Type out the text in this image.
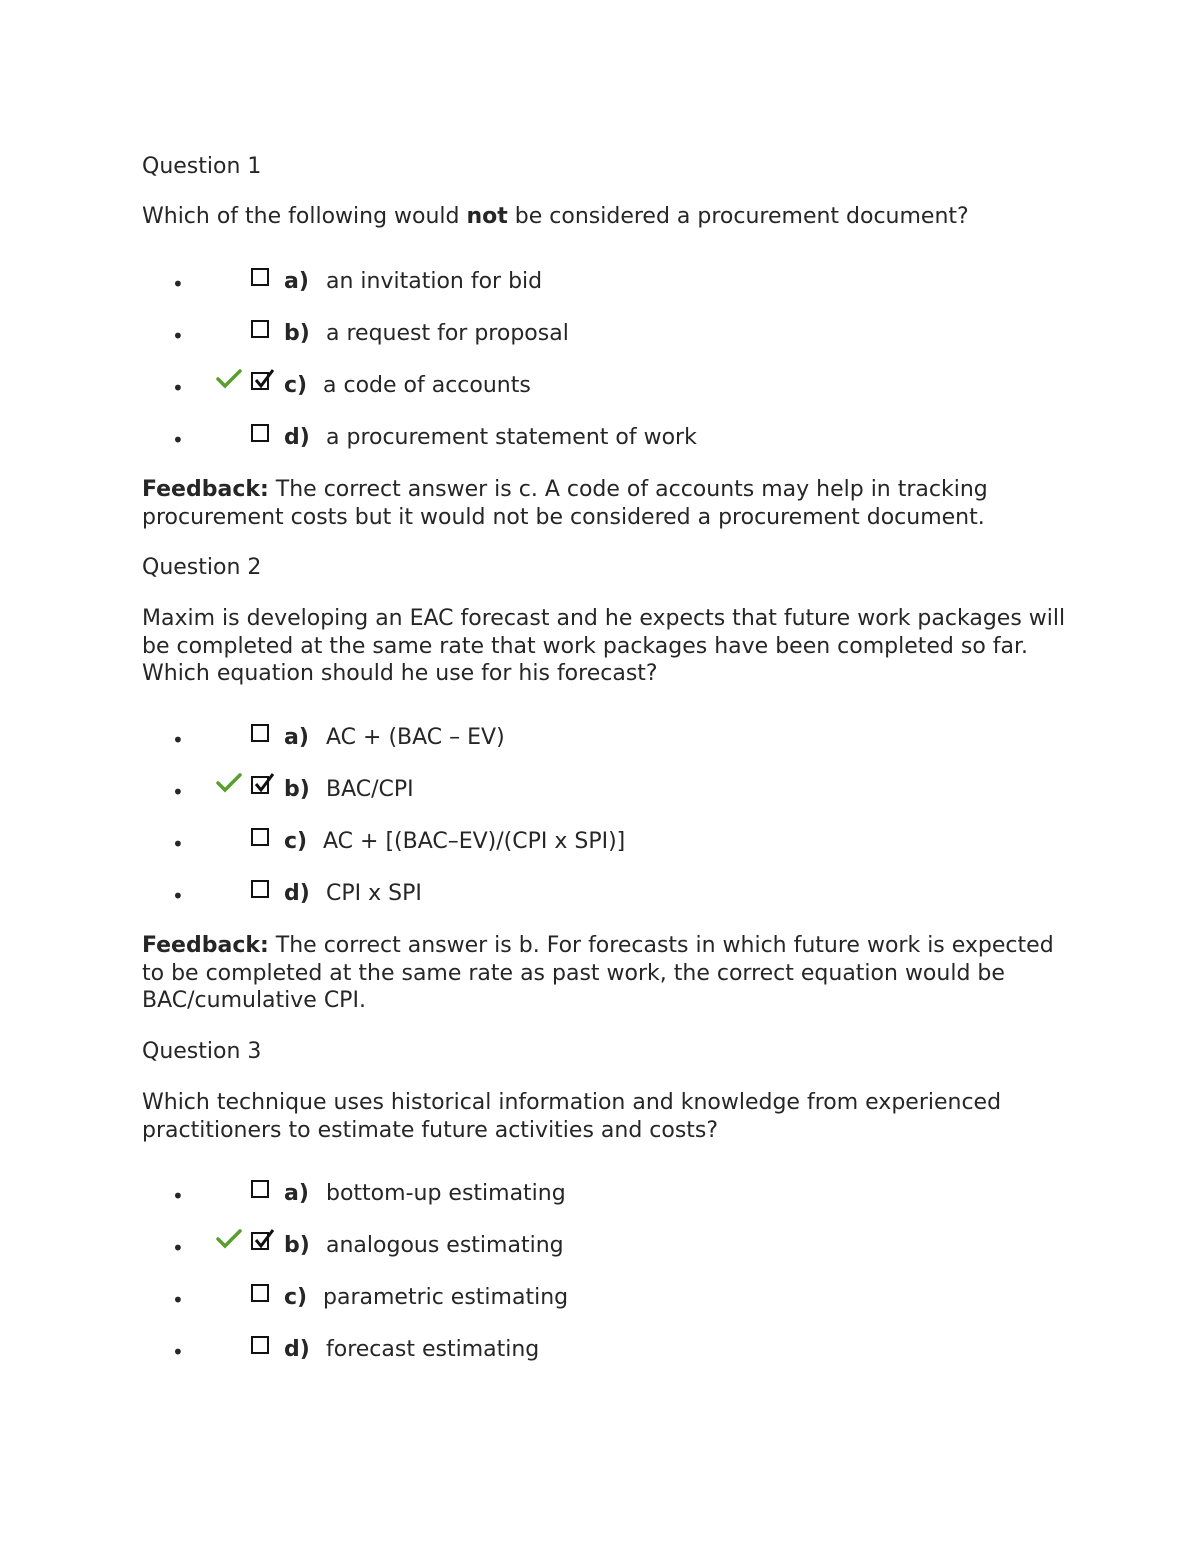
Question 1
Which of the following would not be considered a procurement document?
•	a) an invitation for bid
•	b) a request for proposal
•	c) a code of accounts
•	d) a procurement statement of work
Feedback: The correct answer is c. A code of accounts may help in tracking procurement costs but it would not be considered a procurement document.
Question 2
Maxim is developing an EAC forecast and he expects that future work packages will be completed at the same rate that work packages have been completed so far. Which equation should he use for his forecast?
•	a) AC + (BAC – EV)
•	b) BAC/CPI
•	c) AC + [(BAC–EV)/(CPI x SPI)]
•	d) CPI x SPI
Feedback: The correct answer is b. For forecasts in which future work is expected to be completed at the same rate as past work, the correct equation would be BAC/cumulative CPI.
Question 3
Which technique uses historical information and knowledge from experienced practitioners to estimate future activities and costs?
•	a) bottom-up estimating
•	b) analogous estimating
•	c) parametric estimating
•	d) forecast estimating
